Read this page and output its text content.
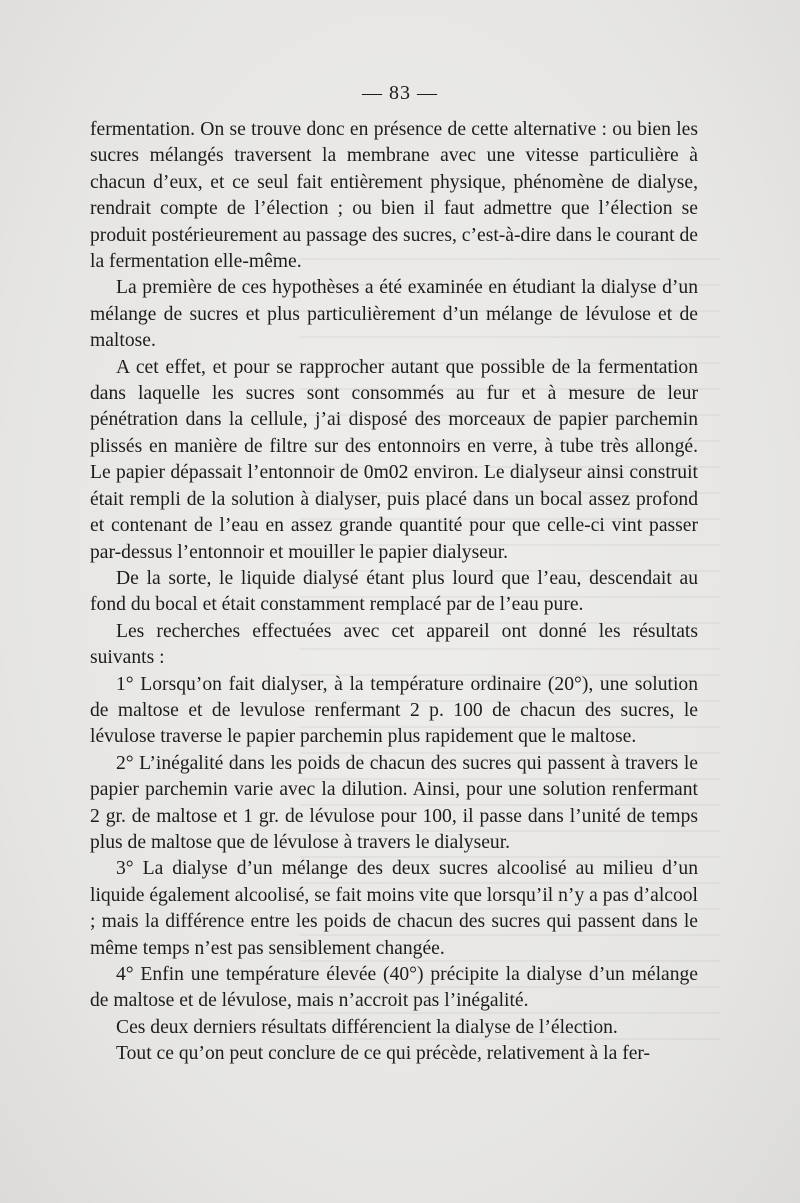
— 83 —

fermentation. On se trouve donc en présence de cette alternative : ou bien les sucres mélangés traversent la membrane avec une vitesse particulière à chacun d’eux, et ce seul fait entièrement physique, phénomène de dialyse, rendrait compte de l’élection ; ou bien il faut admettre que l’élection se produit postérieurement au passage des sucres, c’est-à-dire dans le courant de la fermentation elle-même.

La première de ces hypothèses a été examinée en étudiant la dialyse d’un mélange de sucres et plus particulièrement d’un mélange de lévulose et de maltose.

A cet effet, et pour se rapprocher autant que possible de la fermentation dans laquelle les sucres sont consommés au fur et à mesure de leur pénétration dans la cellule, j’ai disposé des morceaux de papier parchemin plissés en manière de filtre sur des entonnoirs en verre, à tube très allongé. Le papier dépassait l’entonnoir de 0m02 environ. Le dialyseur ainsi construit était rempli de la solution à dialyser, puis placé dans un bocal assez profond et contenant de l’eau en assez grande quantité pour que celle-ci vint passer par-dessus l’entonnoir et mouiller le papier dialyseur.

De la sorte, le liquide dialysé étant plus lourd que l’eau, descendait au fond du bocal et était constamment remplacé par de l’eau pure.

Les recherches effectuées avec cet appareil ont donné les résultats suivants :

1° Lorsqu’on fait dialyser, à la température ordinaire (20°), une solution de maltose et de levulose renfermant 2 p. 100 de chacun des sucres, le lévulose traverse le papier parchemin plus rapidement que le maltose.

2° L’inégalité dans les poids de chacun des sucres qui passent à travers le papier parchemin varie avec la dilution. Ainsi, pour une solution renfermant 2 gr. de maltose et 1 gr. de lévulose pour 100, il passe dans l’unité de temps plus de maltose que de lévulose à travers le dialyseur.

3° La dialyse d’un mélange des deux sucres alcoolisé au milieu d’un liquide également alcoolisé, se fait moins vite que lorsqu’il n’y a pas d’alcool ; mais la différence entre les poids de chacun des sucres qui passent dans le même temps n’est pas sensiblement changée.

4° Enfin une température élevée (40°) précipite la dialyse d’un mélange de maltose et de lévulose, mais n’accroit pas l’inégalité.

Ces deux derniers résultats différencient la dialyse de l’élection.

Tout ce qu’on peut conclure de ce qui précède, relativement à la fer-
